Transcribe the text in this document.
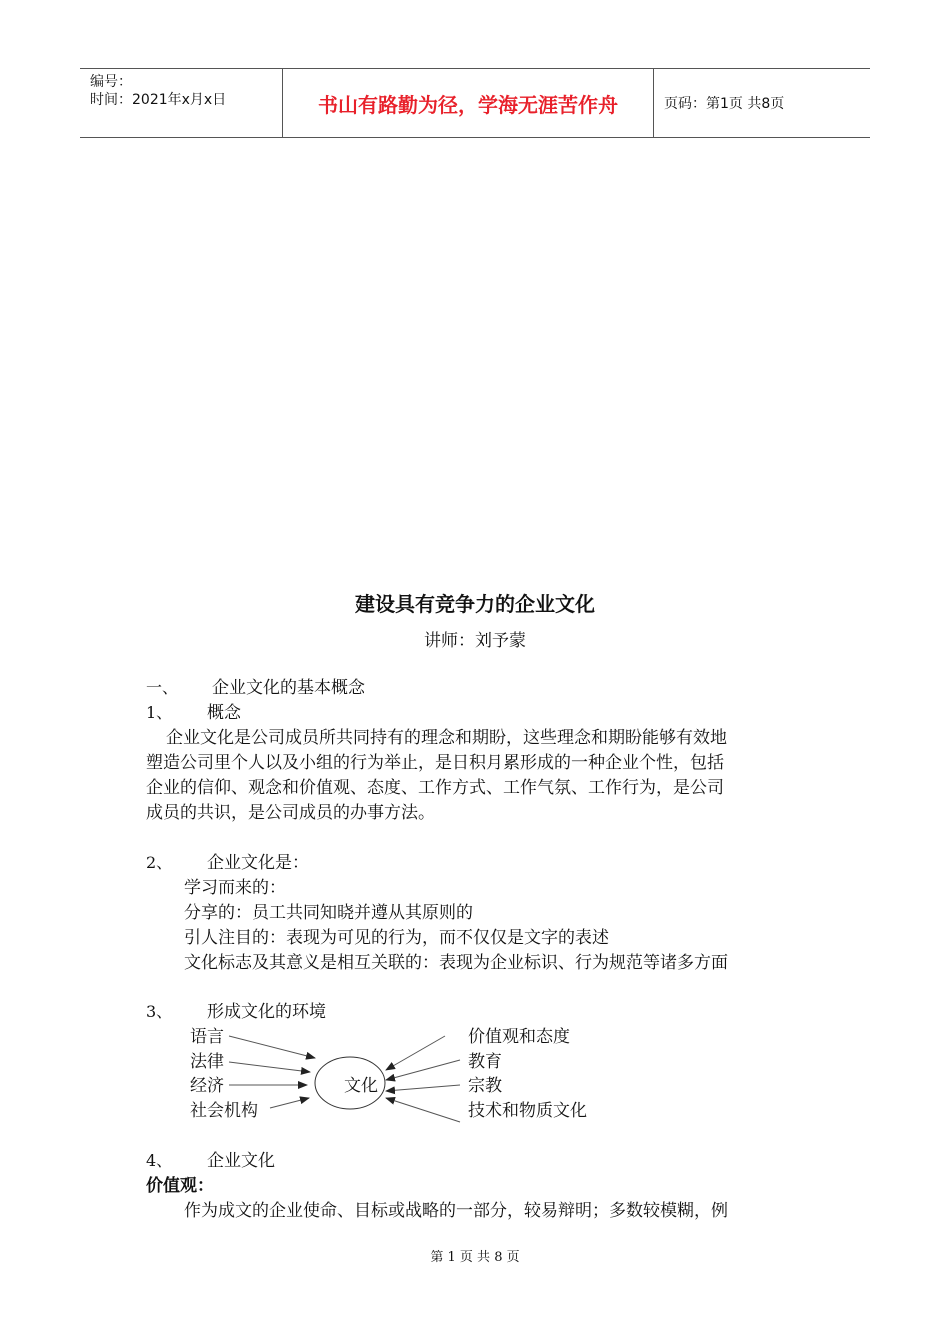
编号：
时间：2021年x月x日	书山有路勤为径，学海无涯苦作舟	页码：第1页 共8页
建设具有竞争力的企业文化
讲师：刘予蒙
一、 企业文化的基本概念
1、 概念
企业文化是公司成员所共同持有的理念和期盼，这些理念和期盼能够有效地
塑造公司里个人以及小组的行为举止，是日积月累形成的一种企业个性，包括
企业的信仰、观念和价值观、态度、工作方式、工作气氛、工作行为，是公司
成员的共识，是公司成员的办事方法。
2、 企业文化是：
学习而来的：
分享的：员工共同知晓并遵从其原则的
引人注目的：表现为可见的行为，而不仅仅是文字的表述
文化标志及其意义是相互关联的：表现为企业标识、行为规范等诸多方面
3、 形成文化的环境
语言
法律
经济
社会机构
文化
价值观和态度
教育
宗教
技术和物质文化
4、 企业文化
价值观：
作为成文的企业使命、目标或战略的一部分，较易辩明；多数较模糊，例
第 1 页 共 8 页
